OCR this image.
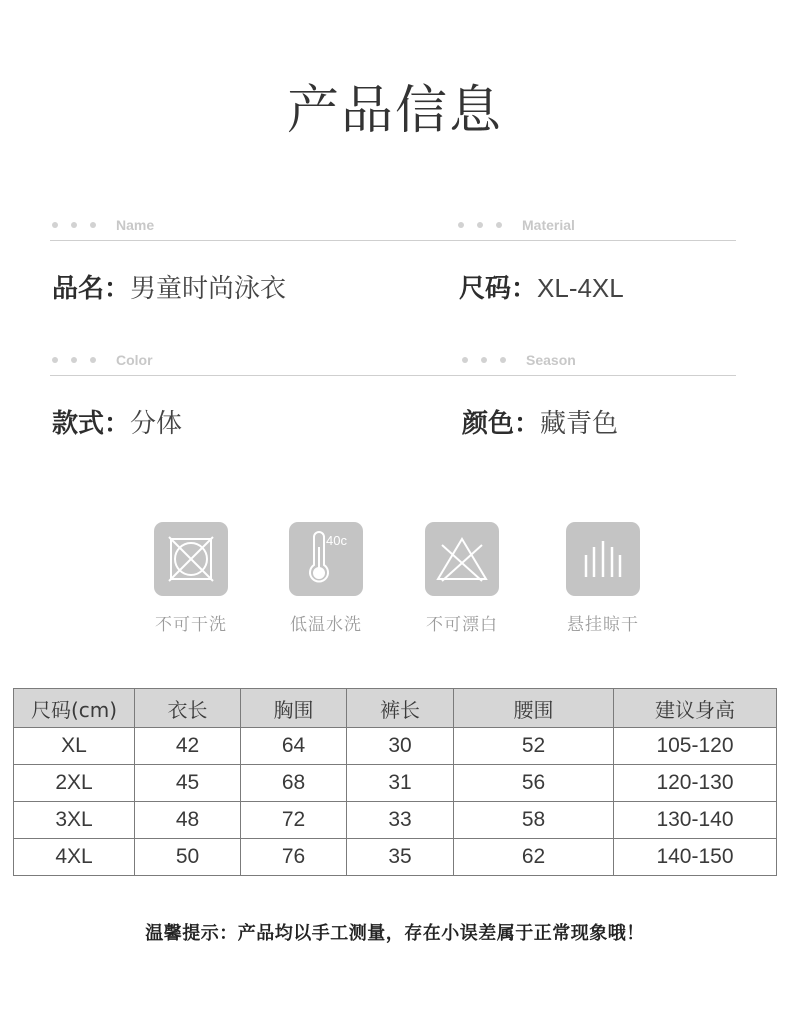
产品信息
Name
品名：男童时尚泳衣
Material
尺码：XL-4XL
Color
款式：分体
Season
颜色：藏青色
不可干洗
40c
低温水洗	不可漂白	悬挂晾干
尺码(cm)	衣长	胸围	裤长	腰围	建议身高
XL	42	64	30	52	105-120
2XL	45	68	31	56	120-130
3XL	48	72	33	58	130-140
4XL	50	76	35	62	140-150
温馨提示：产品均以手工测量，存在小误差属于正常现象哦！
